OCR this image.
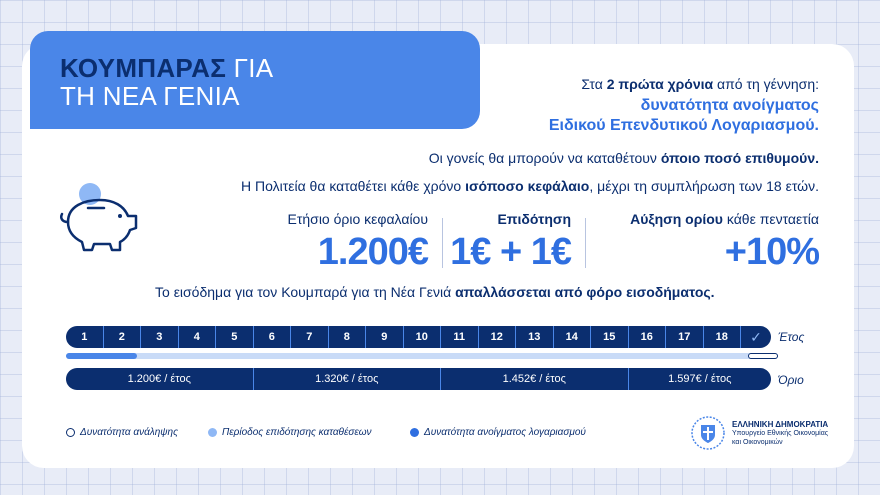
ΚΟΥΜΠΑΡΑΣ ΓΙΑ
ΤΗ ΝΕΑ ΓΕΝΙΑ	Στα 2 πρώτα χρόνια από τη γέννηση:
δυνατότητα ανοίγματος
Ειδικού Επενδυτικού Λογαριασμού.
Οι γονείς θα μπορούν να καταθέτουν όποιο ποσό επιθυμούν.
Η Πολιτεία θα καταθέτει κάθε χρόνο ισόποσο κεφάλαιο, μέχρι τη συμπλήρωση των 18 ετών.
Ετήσιο όριο κεφαλαίου
1.200€
Επιδότηση
1€ + 1€
Αύξηση ορίου κάθε πενταετία
+10%
Το εισόδημα για τον Κουμπαρά για τη Νέα Γενιά απαλλάσσεται από φόρο εισοδήματος.
1	2	3	4	5	6	7	8	9	10	11	12	13	14	15	16	17	18	✓	Έτος
1.200€ / έτος	1.320€ / έτος	1.452€ / έτος	1.597€ / έτος	Όριο
Δυνατότητα ανάληψης	Περίοδος επιδότησης καταθέσεων	Δυνατότητα ανοίγματος λογαριασμού
ΕΛΛΗΝΙΚΗ ΔΗΜΟΚΡΑΤΙΑ
Υπουργείο Εθνικής Οικονομίας
και Οικονομικών
